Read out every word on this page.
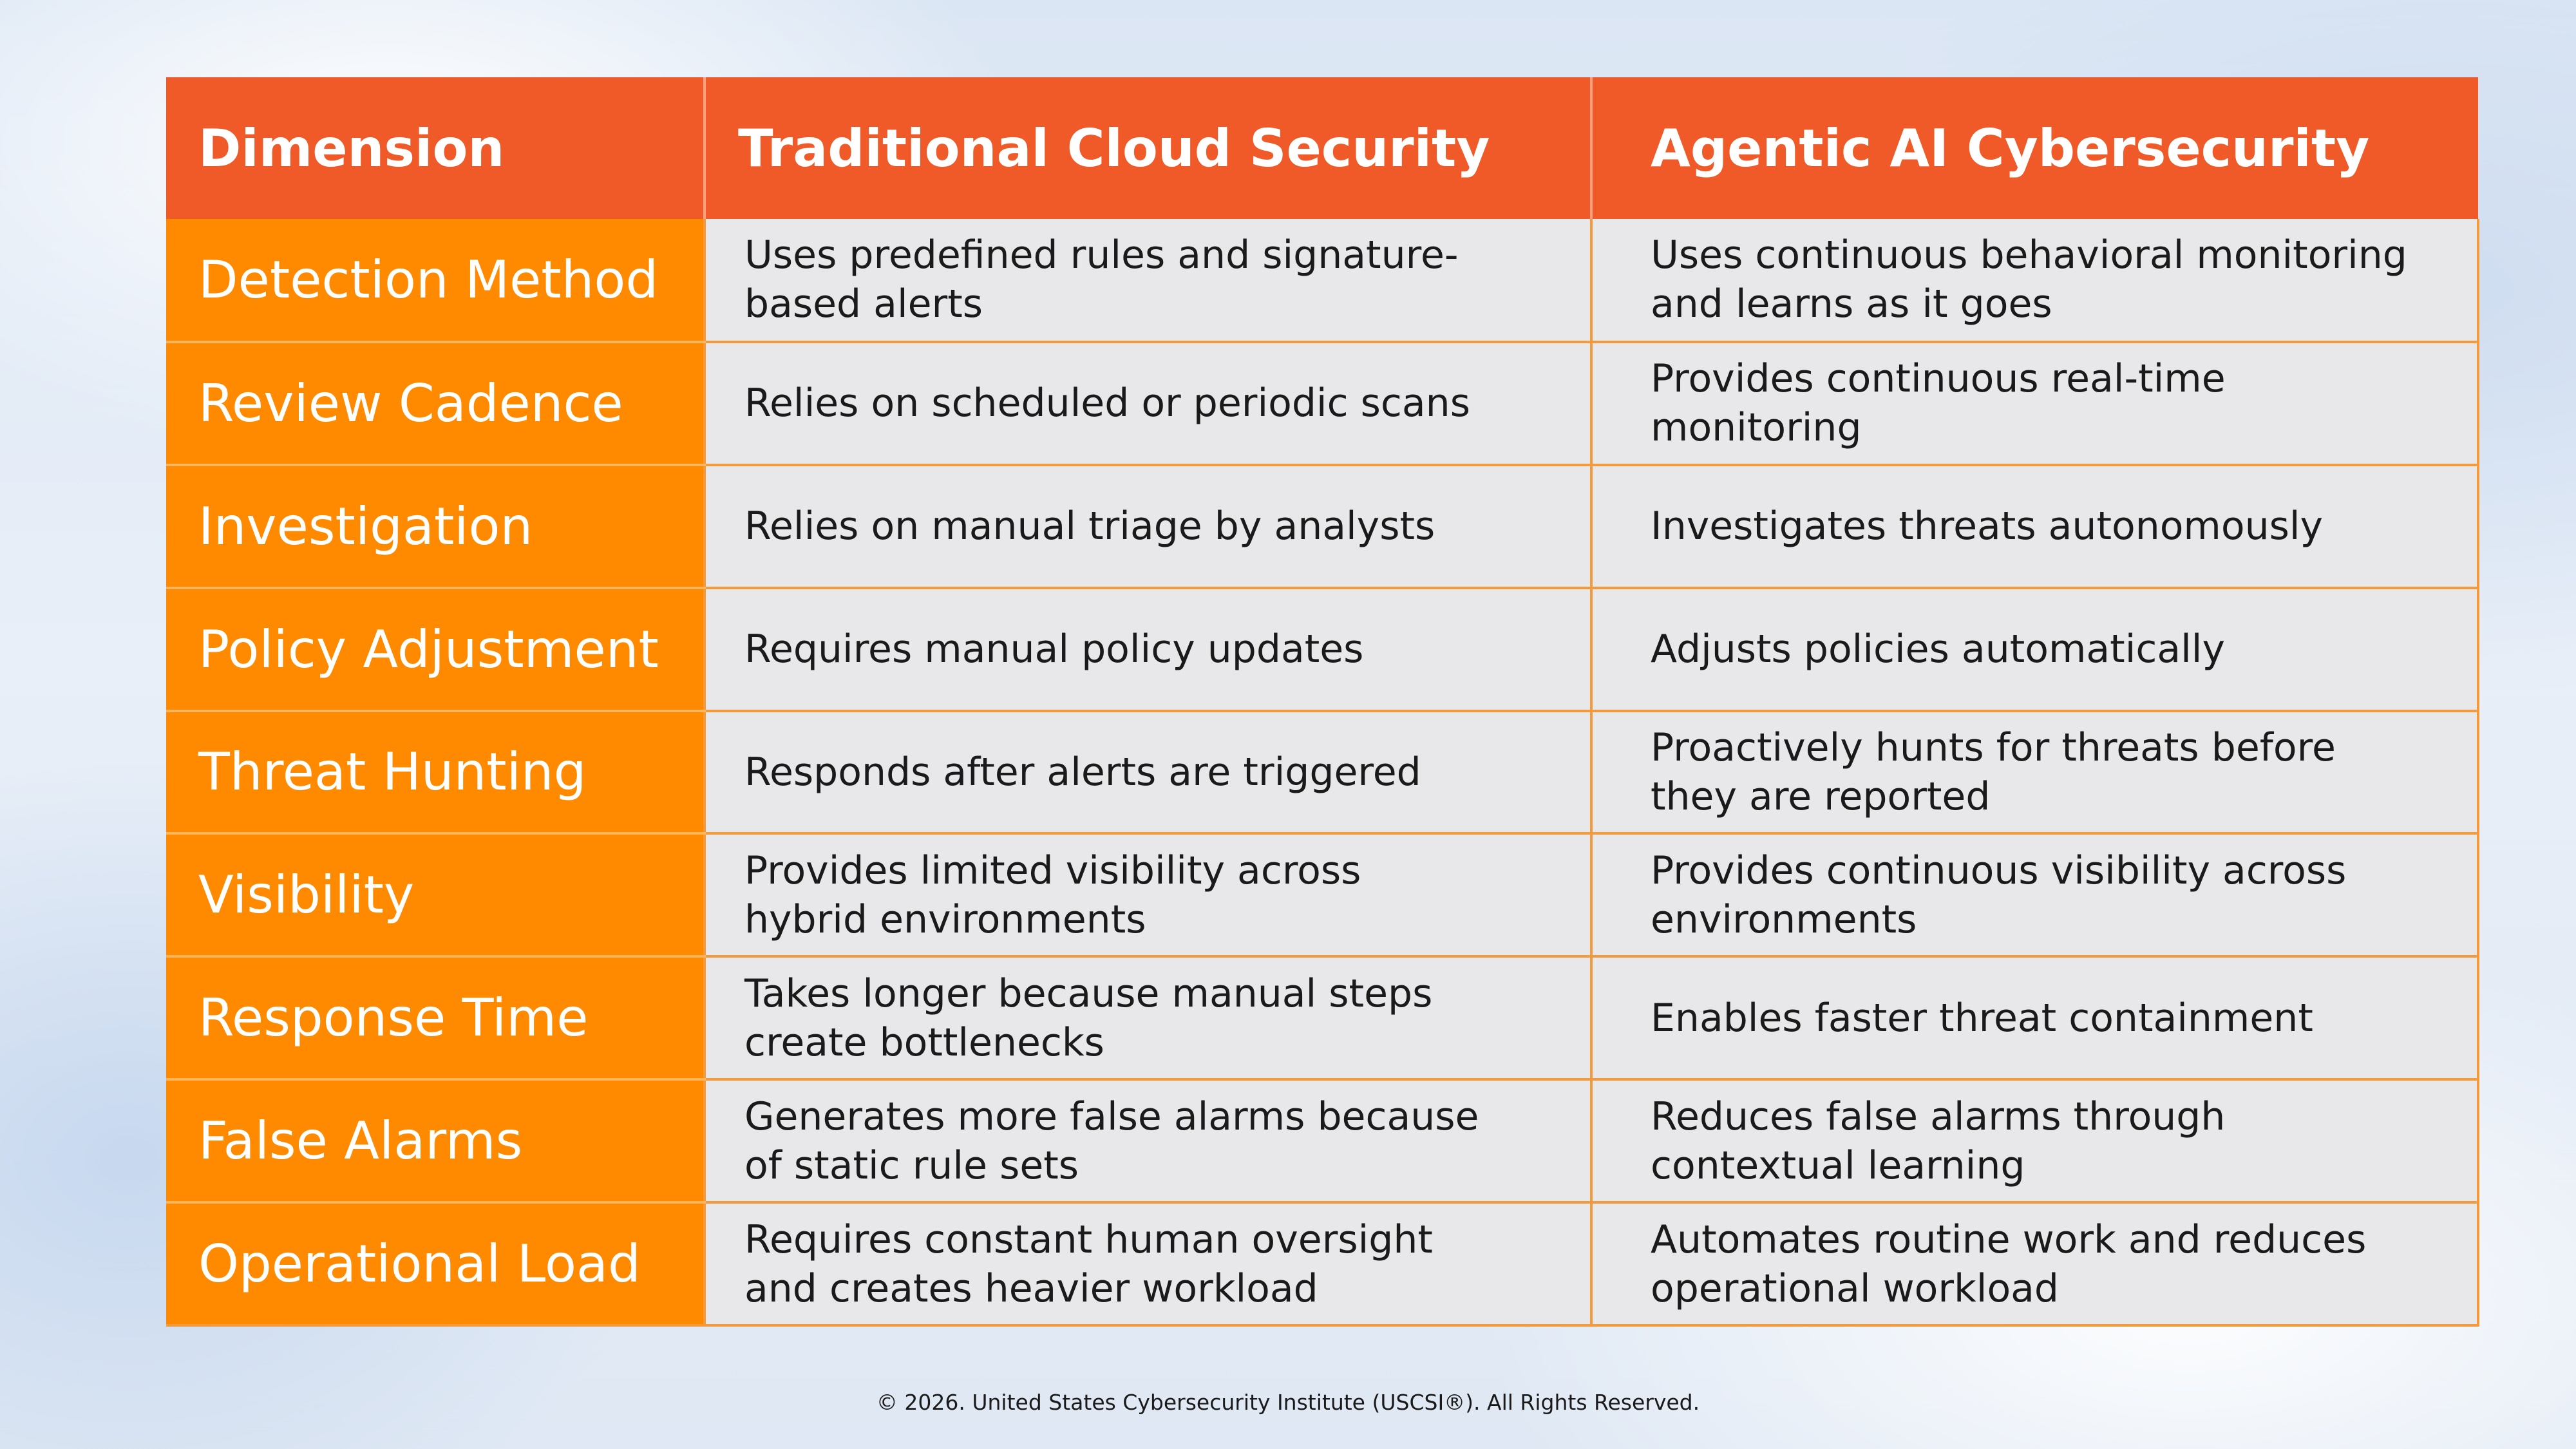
Dimension	Traditional Cloud Security	Agentic AI Cybersecurity
Detection Method	Uses predefined rules and signature-based alerts	Uses continuous behavioral monitoring and learns as it goes
Review Cadence	Relies on scheduled or periodic scans	Provides continuous real-time monitoring
Investigation	Relies on manual triage by analysts	Investigates threats autonomously
Policy Adjustment	Requires manual policy updates	Adjusts policies automatically
Threat Hunting	Responds after alerts are triggered	Proactively hunts for threats before they are reported
Visibility	Provides limited visibility across hybrid environments	Provides continuous visibility across environments
Response Time	Takes longer because manual steps create bottlenecks	Enables faster threat containment
False Alarms	Generates more false alarms because of static rule sets	Reduces false alarms through contextual learning
Operational Load	Requires constant human oversight and creates heavier workload	Automates routine work and reduces operational workload
© 2026. United States Cybersecurity Institute (USCSI®). All Rights Reserved.
